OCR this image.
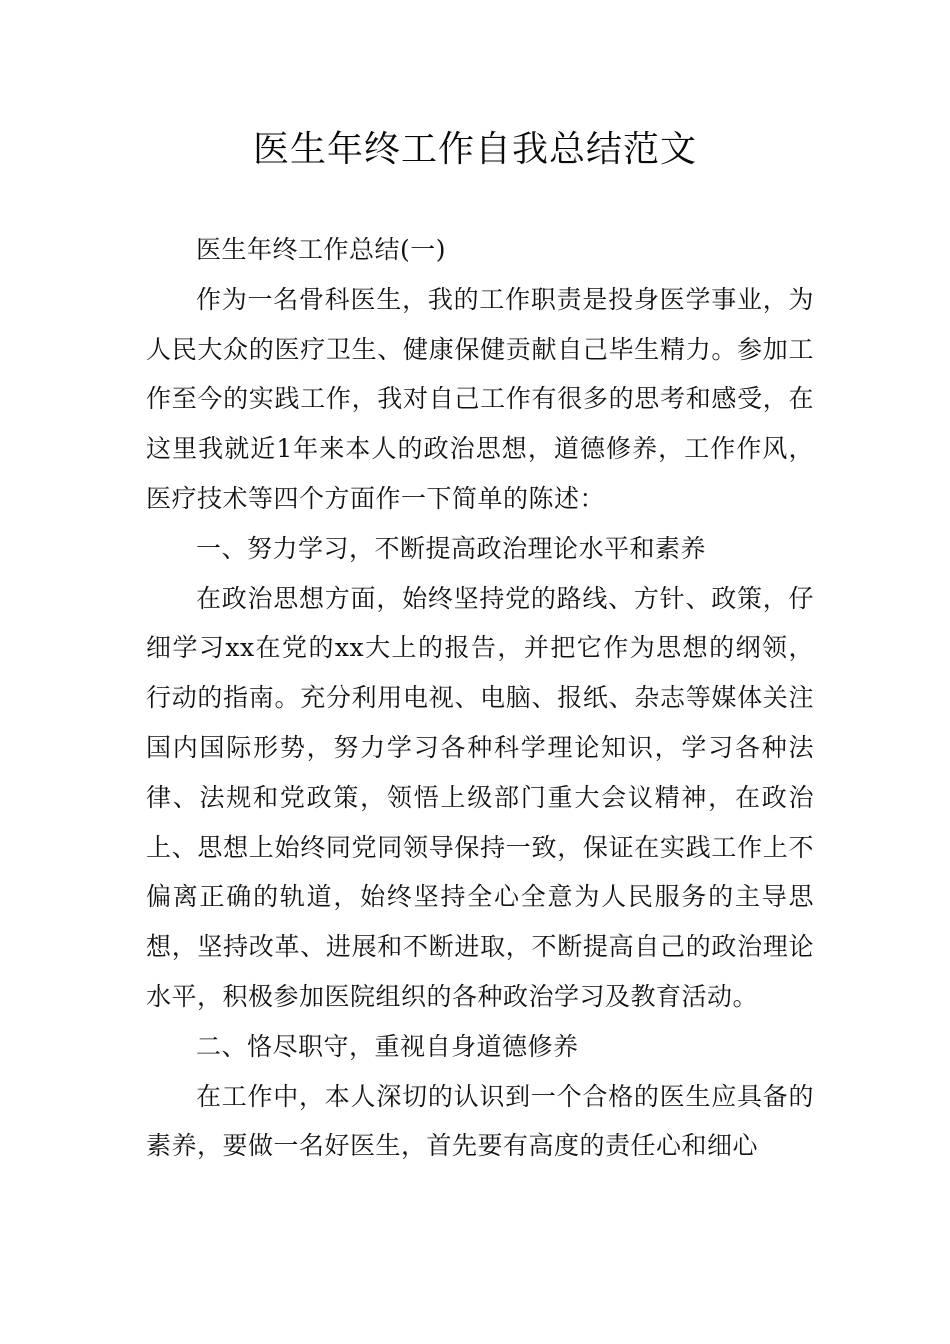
医生年终工作自我总结范文

医生年终工作总结(一)

作为一名骨科医生，我的工作职责是投身医学事业，为人民大众的医疗卫生、健康保健贡献自己毕生精力。参加工作至今的实践工作，我对自己工作有很多的思考和感受，在这里我就近1年来本人的政治思想，道德修养，工作作风，医疗技术等四个方面作一下简单的陈述：

一、努力学习，不断提高政治理论水平和素养

在政治思想方面，始终坚持党的路线、方针、政策，仔细学习xx在党的xx大上的报告，并把它作为思想的纲领，行动的指南。充分利用电视、电脑、报纸、杂志等媒体关注国内国际形势，努力学习各种科学理论知识，学习各种法律、法规和党政策，领悟上级部门重大会议精神，在政治上、思想上始终同党同领导保持一致，保证在实践工作上不偏离正确的轨道，始终坚持全心全意为人民服务的主导思想，坚持改革、进展和不断进取，不断提高自己的政治理论水平，积极参加医院组织的各种政治学习及教育活动。

二、恪尽职守，重视自身道德修养

在工作中，本人深切的认识到一个合格的医生应具备的素养，要做一名好医生，首先要有高度的责任心和细心
